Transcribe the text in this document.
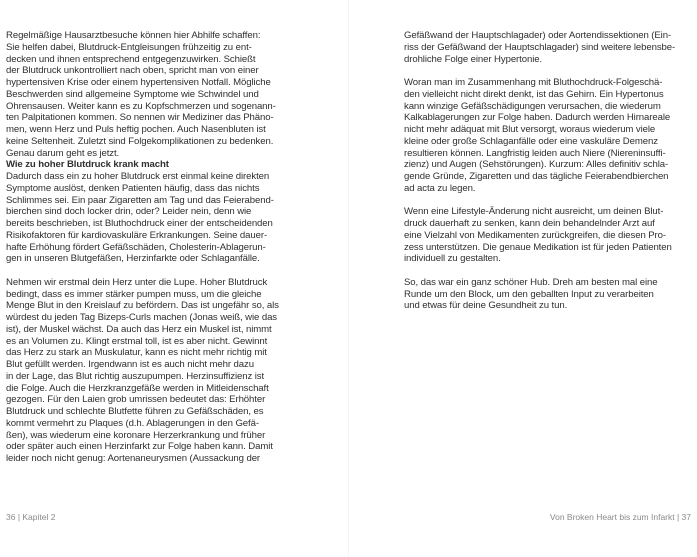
Regelmäßige Hausarztbesuche können hier Abhilfe schaffen:

Sie helfen dabei, Blutdruck-Entgleisungen frühzeitig zu ent-

decken und ihnen entsprechend entgegenzuwirken. Schießt

der Blutdruck unkontrolliert nach oben, spricht man von einer

hypertensiven Krise oder einem hypertensiven Notfall. Mögliche

Beschwerden sind allgemeine Symptome wie Schwindel und

Ohrensausen. Weiter kann es zu Kopfschmerzen und sogenann-

ten Palpitationen kommen. So nennen wir Mediziner das Phäno-

men, wenn Herz und Puls heftig pochen. Auch Nasenbluten ist

keine Seltenheit. Zuletzt sind Folgekomplikationen zu bedenken.

Genau darum geht es jetzt.

Wie zu hoher Blutdruck krank macht

Dadurch dass ein zu hoher Blutdruck erst einmal keine direkten

Symptome auslöst, denken Patienten häufig, dass das nichts

Schlimmes sei. Ein paar Zigaretten am Tag und das Feierabend-

bierchen sind doch locker drin, oder? Leider nein, denn wie

bereits beschrieben, ist Bluthochdruck einer der entscheidenden

Risikofaktoren für kardiovaskuläre Erkrankungen. Seine dauer-

hafte Erhöhung fördert Gefäßschäden, Cholesterin-Ablagerun-

gen in unseren Blutgefäßen, Herzinfarkte oder Schlaganfälle.

Nehmen wir erstmal dein Herz unter die Lupe. Hoher Blutdruck

bedingt, dass es immer stärker pumpen muss, um die gleiche

Menge Blut in den Kreislauf zu befördern. Das ist ungefähr so, als

würdest du jeden Tag Bizeps-Curls machen (Jonas weiß, wie das

ist), der Muskel wächst. Da auch das Herz ein Muskel ist, nimmt

es an Volumen zu. Klingt erstmal toll, ist es aber nicht. Gewinnt

das Herz zu stark an Muskulatur, kann es nicht mehr richtig mit

Blut gefüllt werden. Irgendwann ist es auch nicht mehr dazu

in der Lage, das Blut richtig auszupumpen. Herzinsuffizienz ist

die Folge. Auch die Herzkranzgefäße werden in Mitleidenschaft

gezogen. Für den Laien grob umrissen bedeutet das: Erhöhter

Blutdruck und schlechte Blutfette führen zu Gefäßschäden, es

kommt vermehrt zu Plaques (d.h. Ablagerungen in den Gefä-

ßen), was wiederum eine koronare Herzerkrankung und früher

oder später auch einen Herzinfarkt zur Folge haben kann. Damit

leider noch nicht genug: Aortenaneurysmen (Aussackung der

36 | Kapitel 2

Gefäßwand der Hauptschlagader) oder Aortendissektionen (Ein-

riss der Gefäßwand der Hauptschlagader) sind weitere lebensbe-

drohliche Folge einer Hypertonie.

Woran man im Zusammenhang mit Bluthochdruck-Folgeschä-

den vielleicht nicht direkt denkt, ist das Gehirn. Ein Hypertonus

kann winzige Gefäßschädigungen verursachen, die wiederum

Kalkablagerungen zur Folge haben. Dadurch werden Hirnareale

nicht mehr adäquat mit Blut versorgt, woraus wiederum viele

kleine oder große Schlaganfälle oder eine vaskuläre Demenz

resultieren können. Langfristig leiden auch Niere (Niereninsuffi-

zienz) und Augen (Sehstörungen). Kurzum: Alles definitiv schla-

gende Gründe, Zigaretten und das tägliche Feierabendbierchen

ad acta zu legen.

Wenn eine Lifestyle-Änderung nicht ausreicht, um deinen Blut-

druck dauerhaft zu senken, kann dein behandelnder Arzt auf

eine Vielzahl von Medikamenten zurückgreifen, die diesen Pro-

zess unterstützen. Die genaue Medikation ist für jeden Patienten

individuell zu gestalten.

So, das war ein ganz schöner Hub. Dreh am besten mal eine

Runde um den Block, um den geballten Input zu verarbeiten

und etwas für deine Gesundheit zu tun.

Von Broken Heart bis zum Infarkt | 37
